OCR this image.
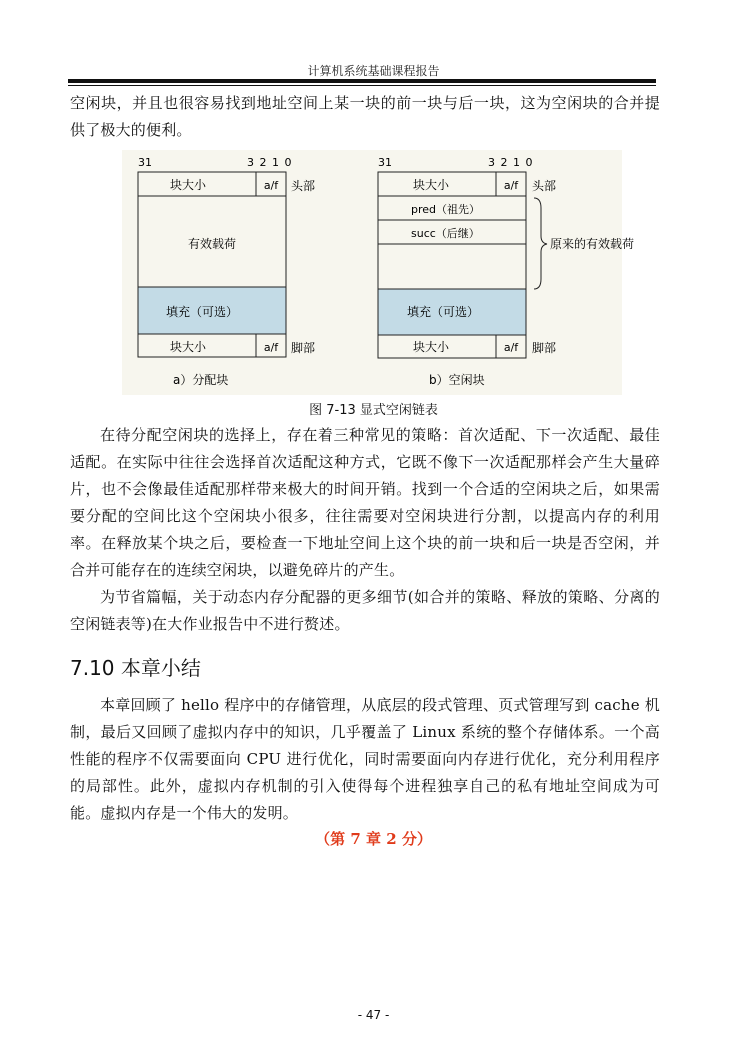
计算机系统基础课程报告

空闲块，并且也很容易找到地址空间上某一块的前一块与后一块，这为空闲块的合并提供了极大的便利。

31	3 2 1 0
块大小	a/f 头部
有效载荷
填充（可选）
块大小	a/f 脚部
a）分配块
31	3 2 1 0
块大小	a/f 头部
pred（祖先）
succ（后继）
原来的有效载荷
填充（可选）
块大小	a/f 脚部
b）空闲块
图 7-13 显式空闲链表

在待分配空闲块的选择上，存在着三种常见的策略：首次适配、下一次适配、最佳适配。在实际中往往会选择首次适配这种方式，它既不像下一次适配那样会产生大量碎片，也不会像最佳适配那样带来极大的时间开销。找到一个合适的空闲块之后，如果需要分配的空间比这个空闲块小很多，往往需要对空闲块进行分割，以提高内存的利用率。在释放某个块之后，要检查一下地址空间上这个块的前一块和后一块是否空闲，并合并可能存在的连续空闲块，以避免碎片的产生。

为节省篇幅，关于动态内存分配器的更多细节(如合并的策略、释放的策略、分离的空闲链表等)在大作业报告中不进行赘述。

7.10 本章小结

本章回顾了 hello 程序中的存储管理，从底层的段式管理、页式管理写到 cache 机制，最后又回顾了虚拟内存中的知识，几乎覆盖了 Linux 系统的整个存储体系。一个高性能的程序不仅需要面向 CPU 进行优化，同时需要面向内存进行优化，充分利用程序的局部性。此外，虚拟内存机制的引入使得每个进程独享自己的私有地址空间成为可能。虚拟内存是一个伟大的发明。

（第 7 章 2 分）
- 47 -
